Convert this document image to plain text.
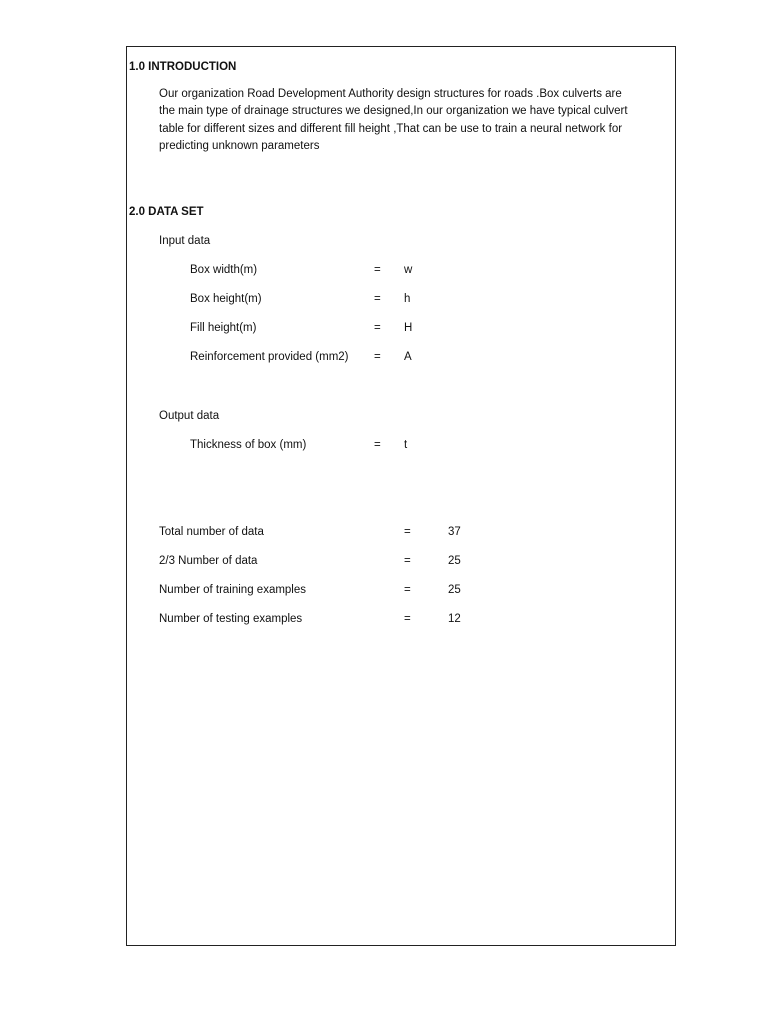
1.0 INTRODUCTION
Our organization Road Development Authority design structures for roads .Box culverts are
the main type of drainage structures we designed,In our organization we have typical culvert
table for different sizes and different fill height ,That can be use to train a neural network for
predicting unknown parameters
2.0 DATA SET
Input data
Box width(m)	= w
Box height(m)	= h
Fill height(m)	= H
Reinforcement provided (mm2) = A
Output data
Thickness of box (mm)	= t
Total number of data	=	37
2/3 Number of data	=	25
Number of training examples	=	25
Number of testing examples	=	12
